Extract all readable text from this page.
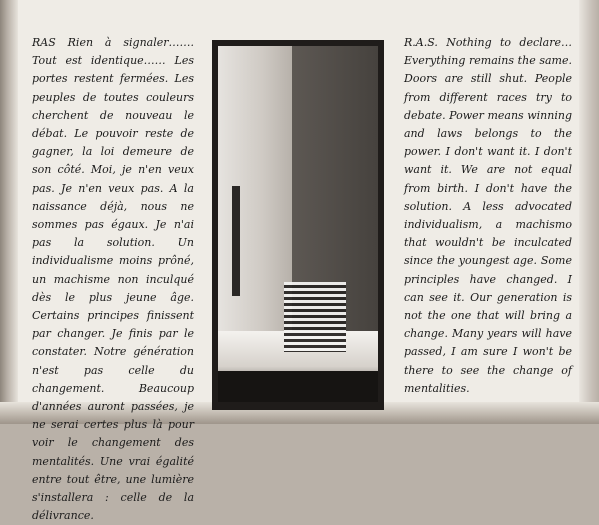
RAS Rien à signaler……. Tout est identique…… Les portes restent fermées. Les peuples de toutes couleurs cherchent de nouveau le débat. Le pouvoir reste de gagner, la loi demeure de son côté. Moi, je n'en veux pas. Je n'en veux pas. A la naissance déjà, nous ne sommes pas égaux. Je n'ai pas la solution. Un individualisme moins prôné, un machisme non inculqué dès le plus jeune âge. Certains principes finissent par changer. Je finis par le constater. Notre génération n'est pas celle du changement. Beaucoup d'années auront passées, je ne serai certes plus là pour voir le changement des mentalités. Une vrai égalité entre tout être, une lumière s'installera : celle de la délivrance.

R.A.S. Nothing to declare… Everything remains the same. Doors are still shut. People from different races try to debate. Power means winning and laws belongs to the power. I don't want it. I don't want it. We are not equal from birth. I don't have the solution. A less advocated individualism, a machismo that wouldn't be inculcated since the youngest age. Some principles have changed. I can see it. Our generation is not the one that will bring a change. Many years will have passed, I am sure I won't be there to see the change of mentalities.
